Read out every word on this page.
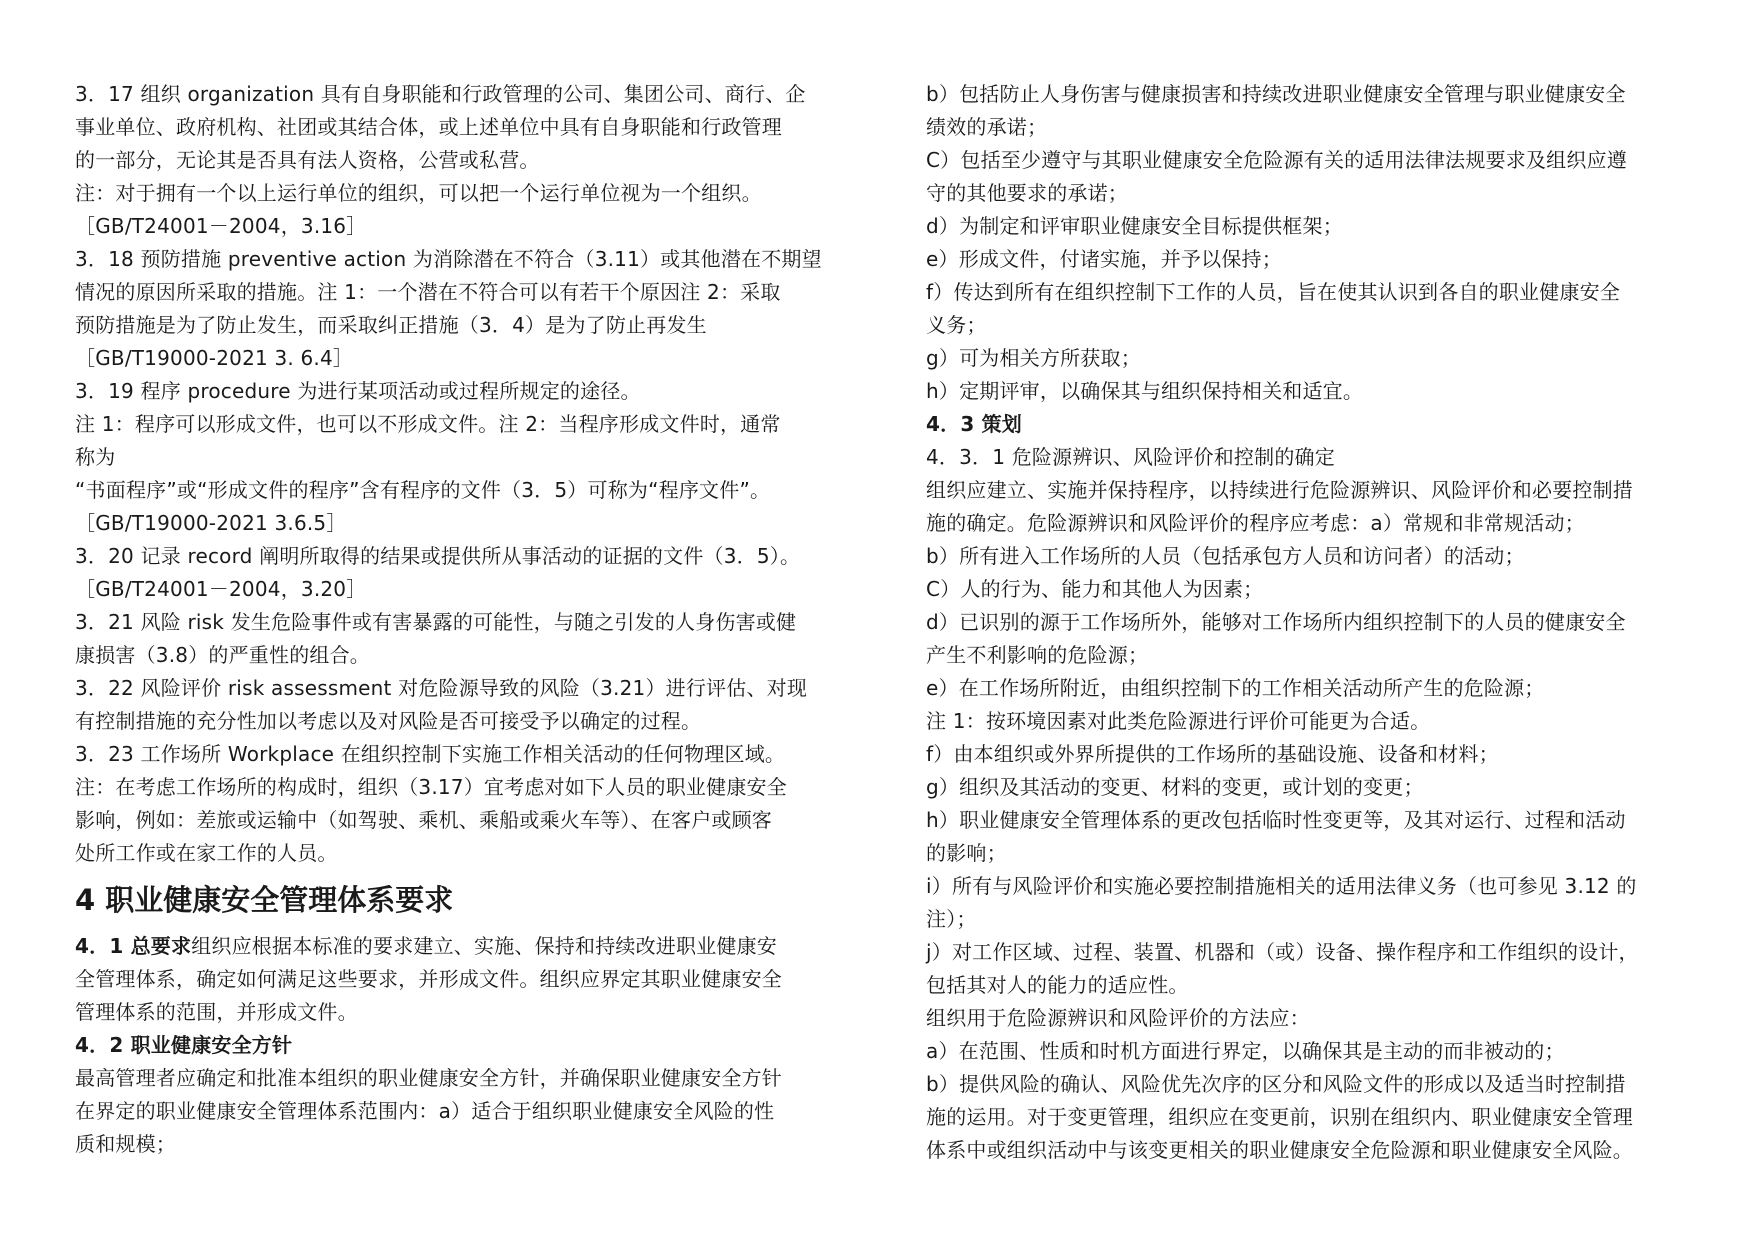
3．17 组织 organization 具有自身职能和行政管理的公司、集团公司、商行、企
事业单位、政府机构、社团或其结合体，或上述单位中具有自身职能和行政管理
的一部分，无论其是否具有法人资格，公营或私营。
注：对于拥有一个以上运行单位的组织，可以把一个运行单位视为一个组织。
［GB/T24001－2004，3.16］
3．18 预防措施 preventive action 为消除潜在不符合（3.11）或其他潜在不期望
情况的原因所采取的措施。注 1：一个潜在不符合可以有若干个原因注 2：采取
预防措施是为了防止发生，而采取纠正措施（3．4）是为了防止再发生
［GB/T19000-2021 3. 6.4］
3．19 程序 procedure 为进行某项活动或过程所规定的途径。
注 1：程序可以形成文件，也可以不形成文件。注 2：当程序形成文件时，通常
称为
“书面程序”或“形成文件的程序”含有程序的文件（3．5）可称为“程序文件”。
［GB/T19000-2021 3.6.5］
3．20 记录 record 阐明所取得的结果或提供所从事活动的证据的文件（3．5）。
［GB/T24001－2004，3.20］
3．21 风险 risk 发生危险事件或有害暴露的可能性，与随之引发的人身伤害或健
康损害（3.8）的严重性的组合。
3．22 风险评价 risk assessment 对危险源导致的风险（3.21）进行评估、对现
有控制措施的充分性加以考虑以及对风险是否可接受予以确定的过程。
3．23 工作场所 Workplace 在组织控制下实施工作相关活动的任何物理区域。
注：在考虑工作场所的构成时，组织（3.17）宜考虑对如下人员的职业健康安全
影响，例如：差旅或运输中（如驾驶、乘机、乘船或乘火车等）、在客户或顾客
处所工作或在家工作的人员。
4 职业健康安全管理体系要求
4．1 总要求组织应根据本标准的要求建立、实施、保持和持续改进职业健康安
全管理体系，确定如何满足这些要求，并形成文件。组织应界定其职业健康安全
管理体系的范围，并形成文件。
4．2 职业健康安全方针
最高管理者应确定和批准本组织的职业健康安全方针，并确保职业健康安全方针
在界定的职业健康安全管理体系范围内：a）适合于组织职业健康安全风险的性
质和规模；
b）包括防止人身伤害与健康损害和持续改进职业健康安全管理与职业健康安全
绩效的承诺；
C）包括至少遵守与其职业健康安全危险源有关的适用法律法规要求及组织应遵
守的其他要求的承诺；
d）为制定和评审职业健康安全目标提供框架；
e）形成文件，付诸实施，并予以保持；
f）传达到所有在组织控制下工作的人员，旨在使其认识到各自的职业健康安全
义务；
g）可为相关方所获取；
h）定期评审，以确保其与组织保持相关和适宜。
4．3 策划
4．3．1 危险源辨识、风险评价和控制的确定
组织应建立、实施并保持程序，以持续进行危险源辨识、风险评价和必要控制措
施的确定。危险源辨识和风险评价的程序应考虑：a）常规和非常规活动；
b）所有进入工作场所的人员（包括承包方人员和访问者）的活动；
C）人的行为、能力和其他人为因素；
d）已识别的源于工作场所外，能够对工作场所内组织控制下的人员的健康安全
产生不利影响的危险源；
e）在工作场所附近，由组织控制下的工作相关活动所产生的危险源；
注 1：按环境因素对此类危险源进行评价可能更为合适。
f）由本组织或外界所提供的工作场所的基础设施、设备和材料；
g）组织及其活动的变更、材料的变更，或计划的变更；
h）职业健康安全管理体系的更改包括临时性变更等，及其对运行、过程和活动
的影响；
i）所有与风险评价和实施必要控制措施相关的适用法律义务（也可参见 3.12 的
注）；
j）对工作区域、过程、装置、机器和（或）设备、操作程序和工作组织的设计，
包括其对人的能力的适应性。
组织用于危险源辨识和风险评价的方法应：
a）在范围、性质和时机方面进行界定，以确保其是主动的而非被动的；
b）提供风险的确认、风险优先次序的区分和风险文件的形成以及适当时控制措
施的运用。对于变更管理，组织应在变更前，识别在组织内、职业健康安全管理
体系中或组织活动中与该变更相关的职业健康安全危险源和职业健康安全风险。
